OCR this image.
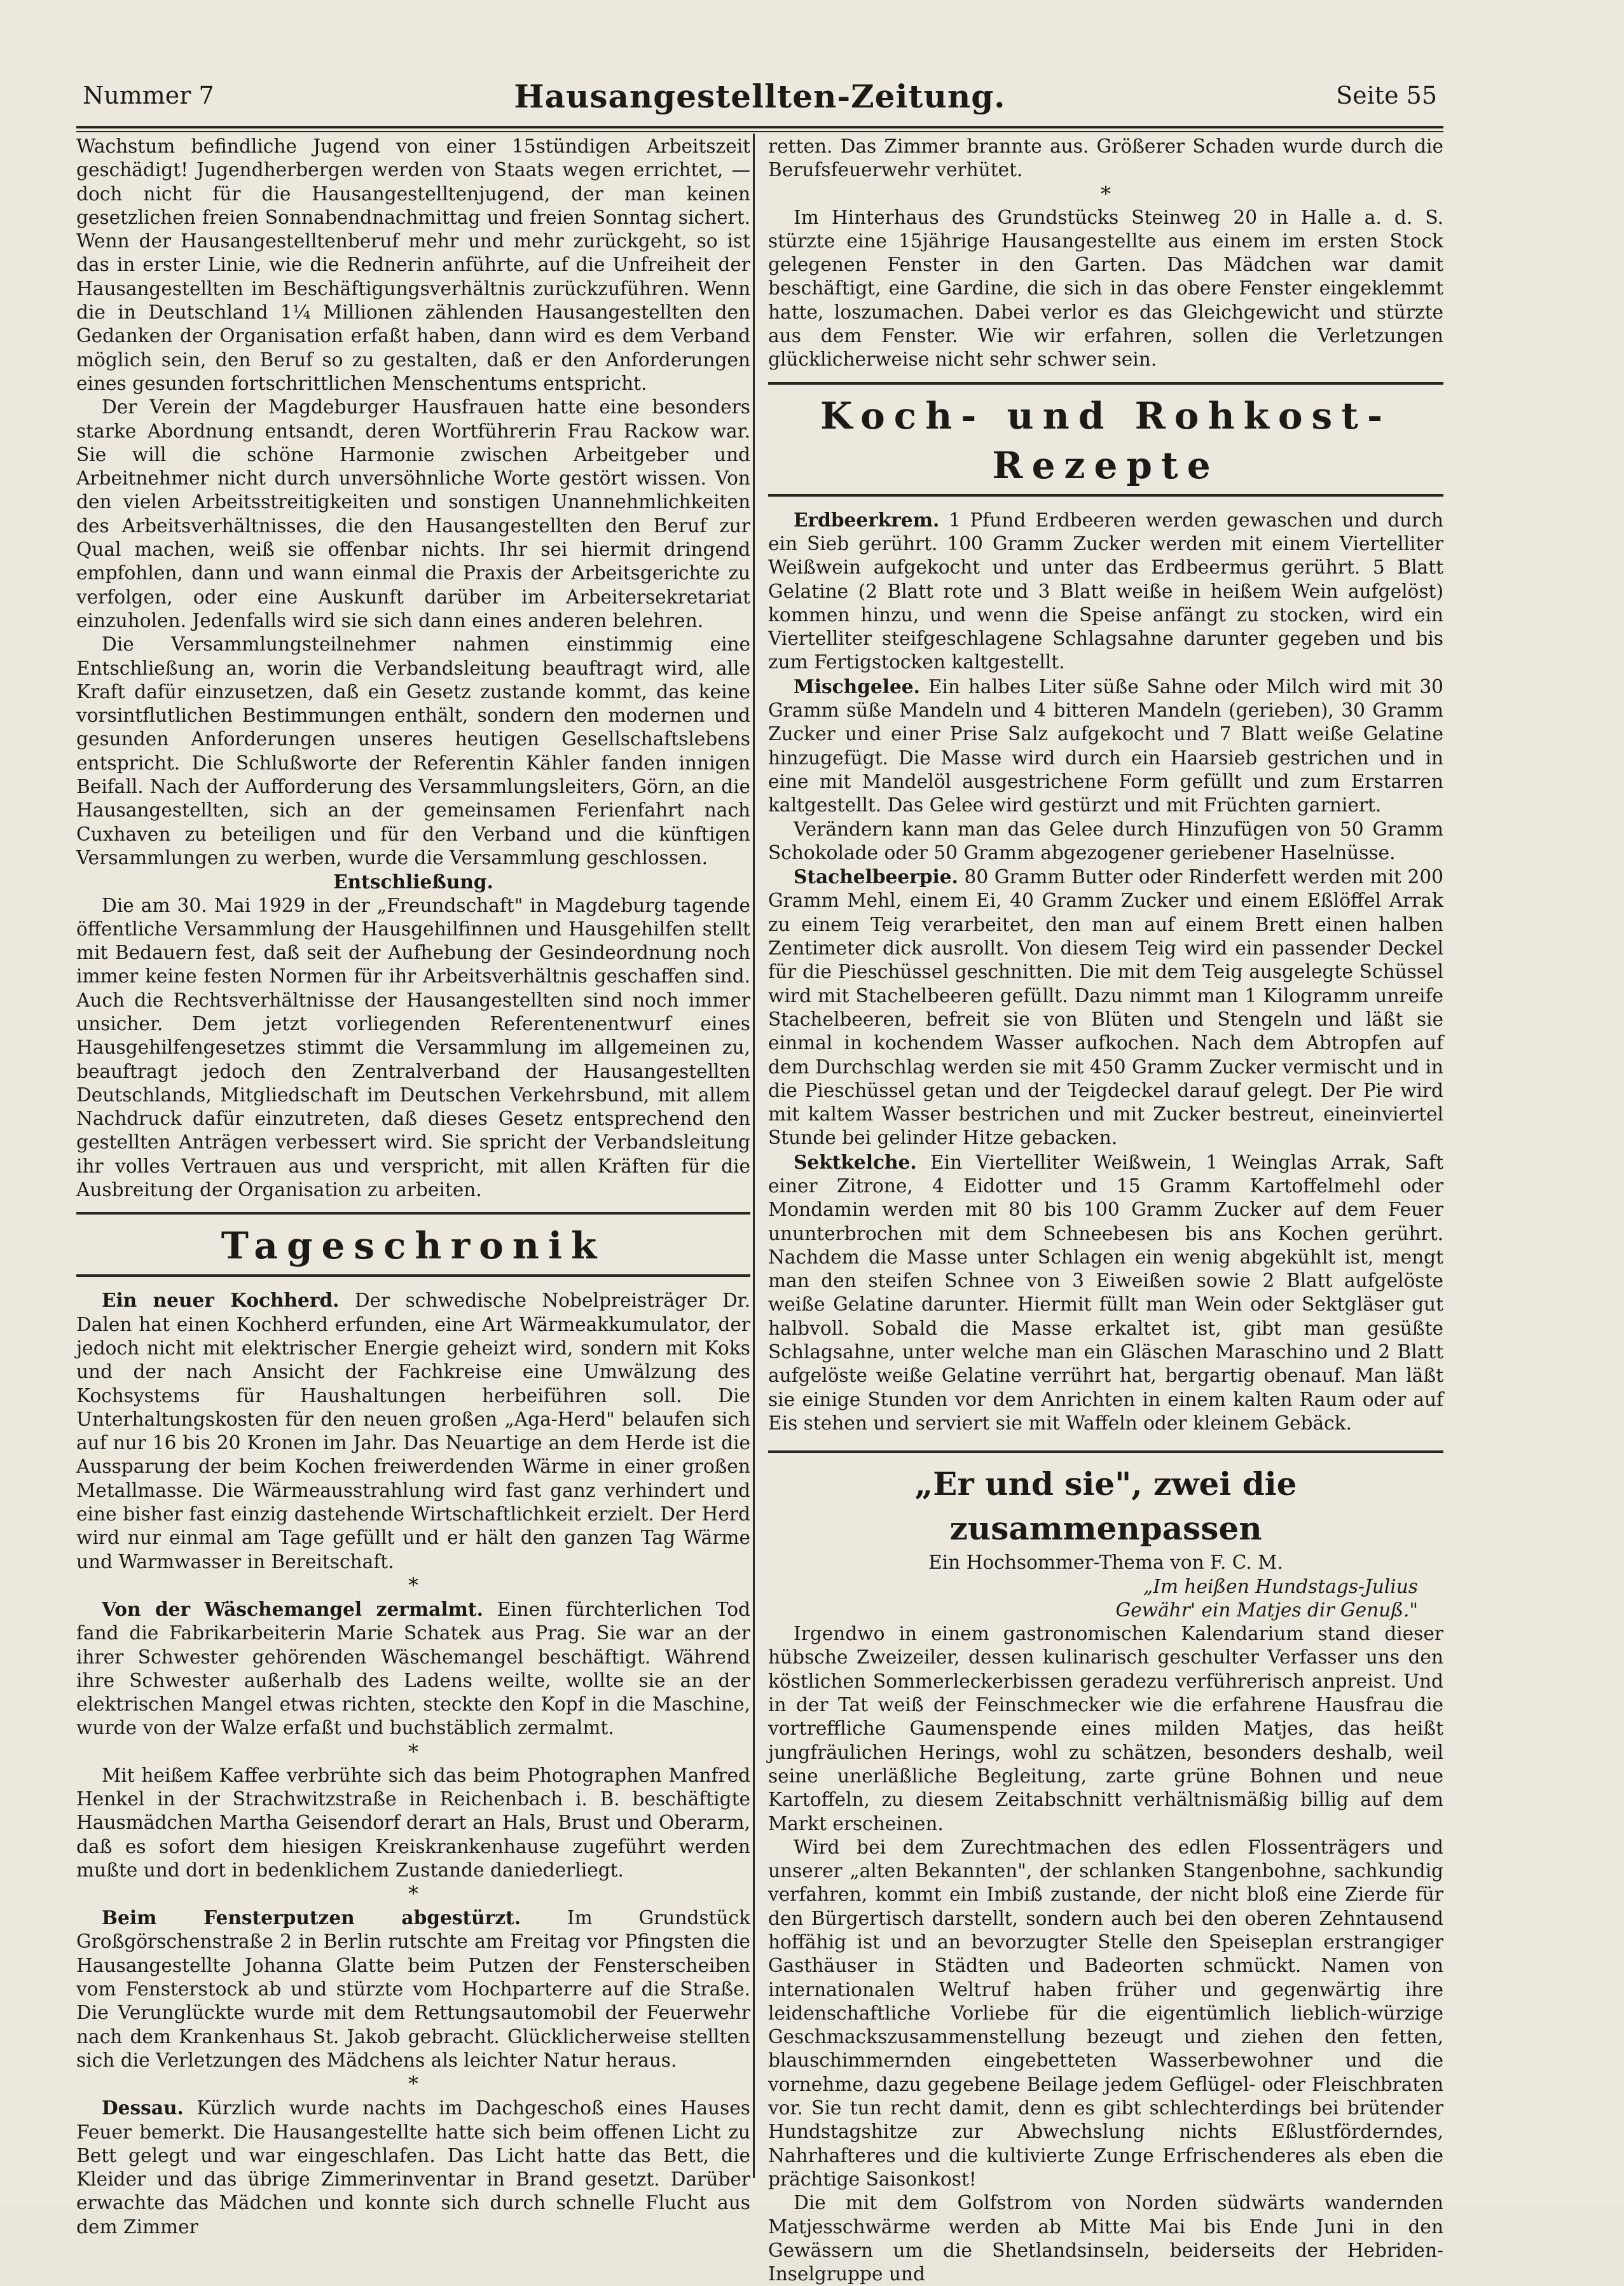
Nummer 7	Hausangestellten-Zeitung.	Seite 55

Wachstum befindliche Jugend von einer 15stündigen Arbeitszeit geschädigt! Jugendherbergen werden von Staats wegen errichtet, — doch nicht für die Hausangestelltenjugend, der man keinen gesetzlichen freien Sonnabendnachmittag und freien Sonntag sichert. Wenn der Hausangestelltenberuf mehr und mehr zurückgeht, so ist das in erster Linie, wie die Rednerin anführte, auf die Unfreiheit der Hausangestellten im Beschäftigungsverhältnis zurückzuführen. Wenn die in Deutschland 1¼ Millionen zählenden Hausangestellten den Gedanken der Organisation erfaßt haben, dann wird es dem Verband möglich sein, den Beruf so zu gestalten, daß er den Anforderungen eines gesunden fortschrittlichen Menschentums entspricht.

Der Verein der Magdeburger Hausfrauen hatte eine besonders starke Abordnung entsandt, deren Wortführerin Frau Rackow war. Sie will die schöne Harmonie zwischen Arbeitgeber und Arbeitnehmer nicht durch unversöhnliche Worte gestört wissen. Von den vielen Arbeitsstreitigkeiten und sonstigen Unannehmlichkeiten des Arbeitsverhältnisses, die den Hausangestellten den Beruf zur Qual machen, weiß sie offenbar nichts. Ihr sei hiermit dringend empfohlen, dann und wann einmal die Praxis der Arbeitsgerichte zu verfolgen, oder eine Auskunft darüber im Arbeitersekretariat einzuholen. Jedenfalls wird sie sich dann eines anderen belehren.

Die Versammlungsteilnehmer nahmen einstimmig eine Entschließung an, worin die Verbandsleitung beauftragt wird, alle Kraft dafür einzusetzen, daß ein Gesetz zustande kommt, das keine vorsintflutlichen Bestimmungen enthält, sondern den modernen und gesunden Anforderungen unseres heutigen Gesellschaftslebens entspricht. Die Schlußworte der Referentin Kähler fanden innigen Beifall. Nach der Aufforderung des Versammlungsleiters, Görn, an die Hausangestellten, sich an der gemeinsamen Ferienfahrt nach Cuxhaven zu beteiligen und für den Verband und die künftigen Versammlungen zu werben, wurde die Versammlung geschlossen.

Entschließung.

Die am 30. Mai 1929 in der „Freundschaft" in Magdeburg tagende öffentliche Versammlung der Hausgehilfinnen und Hausgehilfen stellt mit Bedauern fest, daß seit der Aufhebung der Gesindeordnung noch immer keine festen Normen für ihr Arbeitsverhältnis geschaffen sind. Auch die Rechtsverhältnisse der Hausangestellten sind noch immer unsicher. Dem jetzt vorliegenden Referentenentwurf eines Hausgehilfengesetzes stimmt die Versammlung im allgemeinen zu, beauftragt jedoch den Zentralverband der Hausangestellten Deutschlands, Mitgliedschaft im Deutschen Verkehrsbund, mit allem Nachdruck dafür einzutreten, daß dieses Gesetz entsprechend den gestellten Anträgen verbessert wird. Sie spricht der Verbandsleitung ihr volles Vertrauen aus und verspricht, mit allen Kräften für die Ausbreitung der Organisation zu arbeiten.

Tageschronik

Ein neuer Kochherd. Der schwedische Nobelpreisträger Dr. Dalen hat einen Kochherd erfunden, eine Art Wärmeakkumulator, der jedoch nicht mit elektrischer Energie geheizt wird, sondern mit Koks und der nach Ansicht der Fachkreise eine Umwälzung des Kochsystems für Haushaltungen herbeiführen soll. Die Unterhaltungskosten für den neuen großen „Aga-Herd" belaufen sich auf nur 16 bis 20 Kronen im Jahr. Das Neuartige an dem Herde ist die Aussparung der beim Kochen freiwerdenden Wärme in einer großen Metallmasse. Die Wärmeausstrahlung wird fast ganz verhindert und eine bisher fast einzig dastehende Wirtschaftlichkeit erzielt. Der Herd wird nur einmal am Tage gefüllt und er hält den ganzen Tag Wärme und Warmwasser in Bereitschaft.

*

Von der Wäschemangel zermalmt. Einen fürchterlichen Tod fand die Fabrikarbeiterin Marie Schatek aus Prag. Sie war an der ihrer Schwester gehörenden Wäschemangel beschäftigt. Während ihre Schwester außerhalb des Ladens weilte, wollte sie an der elektrischen Mangel etwas richten, steckte den Kopf in die Maschine, wurde von der Walze erfaßt und buchstäblich zermalmt.

*

Mit heißem Kaffee verbrühte sich das beim Photographen Manfred Henkel in der Strachwitzstraße in Reichenbach i. B. beschäftigte Hausmädchen Martha Geisendorf derart an Hals, Brust und Oberarm, daß es sofort dem hiesigen Kreiskrankenhause zugeführt werden mußte und dort in bedenklichem Zustande daniederliegt.

*

Beim Fensterputzen abgestürzt. Im Grundstück Großgörschenstraße 2 in Berlin rutschte am Freitag vor Pfingsten die Hausangestellte Johanna Glatte beim Putzen der Fensterscheiben vom Fensterstock ab und stürzte vom Hochparterre auf die Straße. Die Verunglückte wurde mit dem Rettungsautomobil der Feuerwehr nach dem Krankenhaus St. Jakob gebracht. Glücklicherweise stellten sich die Verletzungen des Mädchens als leichter Natur heraus.

*

Dessau. Kürzlich wurde nachts im Dachgeschoß eines Hauses Feuer bemerkt. Die Hausangestellte hatte sich beim offenen Licht zu Bett gelegt und war eingeschlafen. Das Licht hatte das Bett, die Kleider und das übrige Zimmerinventar in Brand gesetzt. Darüber erwachte das Mädchen und konnte sich durch schnelle Flucht aus dem Zimmer

retten. Das Zimmer brannte aus. Größerer Schaden wurde durch die Berufsfeuerwehr verhütet.

*

Im Hinterhaus des Grundstücks Steinweg 20 in Halle a. d. S. stürzte eine 15jährige Hausangestellte aus einem im ersten Stock gelegenen Fenster in den Garten. Das Mädchen war damit beschäftigt, eine Gardine, die sich in das obere Fenster eingeklemmt hatte, loszumachen. Dabei verlor es das Gleichgewicht und stürzte aus dem Fenster. Wie wir erfahren, sollen die Verletzungen glücklicherweise nicht sehr schwer sein.

Koch- und Rohkost-Rezepte

Erdbeerkrem. 1 Pfund Erdbeeren werden gewaschen und durch ein Sieb gerührt. 100 Gramm Zucker werden mit einem Viertelliter Weißwein aufgekocht und unter das Erdbeermus gerührt. 5 Blatt Gelatine (2 Blatt rote und 3 Blatt weiße in heißem Wein aufgelöst) kommen hinzu, und wenn die Speise anfängt zu stocken, wird ein Viertelliter steifgeschlagene Schlagsahne darunter gegeben und bis zum Fertigstocken kaltgestellt.

Mischgelee. Ein halbes Liter süße Sahne oder Milch wird mit 30 Gramm süße Mandeln und 4 bitteren Mandeln (gerieben), 30 Gramm Zucker und einer Prise Salz aufgekocht und 7 Blatt weiße Gelatine hinzugefügt. Die Masse wird durch ein Haarsieb gestrichen und in eine mit Mandelöl ausgestrichene Form gefüllt und zum Erstarren kaltgestellt. Das Gelee wird gestürzt und mit Früchten garniert.

Verändern kann man das Gelee durch Hinzufügen von 50 Gramm Schokolade oder 50 Gramm abgezogener geriebener Haselnüsse.

Stachelbeerpie. 80 Gramm Butter oder Rinderfett werden mit 200 Gramm Mehl, einem Ei, 40 Gramm Zucker und einem Eßlöffel Arrak zu einem Teig verarbeitet, den man auf einem Brett einen halben Zentimeter dick ausrollt. Von diesem Teig wird ein passender Deckel für die Pieschüssel geschnitten. Die mit dem Teig ausgelegte Schüssel wird mit Stachelbeeren gefüllt. Dazu nimmt man 1 Kilogramm unreife Stachelbeeren, befreit sie von Blüten und Stengeln und läßt sie einmal in kochendem Wasser aufkochen. Nach dem Abtropfen auf dem Durchschlag werden sie mit 450 Gramm Zucker vermischt und in die Pieschüssel getan und der Teigdeckel darauf gelegt. Der Pie wird mit kaltem Wasser bestrichen und mit Zucker bestreut, eineinviertel Stunde bei gelinder Hitze gebacken.

Sektkelche. Ein Viertelliter Weißwein, 1 Weinglas Arrak, Saft einer Zitrone, 4 Eidotter und 15 Gramm Kartoffelmehl oder Mondamin werden mit 80 bis 100 Gramm Zucker auf dem Feuer ununterbrochen mit dem Schneebesen bis ans Kochen gerührt. Nachdem die Masse unter Schlagen ein wenig abgekühlt ist, mengt man den steifen Schnee von 3 Eiweißen sowie 2 Blatt aufgelöste weiße Gelatine darunter. Hiermit füllt man Wein oder Sektgläser gut halbvoll. Sobald die Masse erkaltet ist, gibt man gesüßte Schlagsahne, unter welche man ein Gläschen Maraschino und 2 Blatt aufgelöste weiße Gelatine verrührt hat, bergartig obenauf. Man läßt sie einige Stunden vor dem Anrichten in einem kalten Raum oder auf Eis stehen und serviert sie mit Waffeln oder kleinem Gebäck.

„Er und sie", zwei die zusammenpassen

Ein Hochsommer-Thema von F. C. M.

„Im heißen Hundstags-Julius

Gewähr' ein Matjes dir Genuß."

Irgendwo in einem gastronomischen Kalendarium stand dieser hübsche Zweizeiler, dessen kulinarisch geschulter Verfasser uns den köstlichen Sommerleckerbissen geradezu verführerisch anpreist. Und in der Tat weiß der Feinschmecker wie die erfahrene Hausfrau die vortreffliche Gaumenspende eines milden Matjes, das heißt jungfräulichen Herings, wohl zu schätzen, besonders deshalb, weil seine unerläßliche Begleitung, zarte grüne Bohnen und neue Kartoffeln, zu diesem Zeitabschnitt verhältnismäßig billig auf dem Markt erscheinen.

Wird bei dem Zurechtmachen des edlen Flossenträgers und unserer „alten Bekannten", der schlanken Stangenbohne, sachkundig verfahren, kommt ein Imbiß zustande, der nicht bloß eine Zierde für den Bürgertisch darstellt, sondern auch bei den oberen Zehntausend hoffähig ist und an bevorzugter Stelle den Speiseplan erstrangiger Gasthäuser in Städten und Badeorten schmückt. Namen von internationalen Weltruf haben früher und gegenwärtig ihre leidenschaftliche Vorliebe für die eigentümlich lieblich-würzige Geschmackszusammenstellung bezeugt und ziehen den fetten, blauschimmernden eingebetteten Wasserbewohner und die vornehme, dazu gegebene Beilage jedem Geflügel- oder Fleischbraten vor. Sie tun recht damit, denn es gibt schlechterdings bei brütender Hundstagshitze zur Abwechslung nichts Eßlustförderndes, Nahrhafteres und die kultivierte Zunge Erfrischenderes als eben die prächtige Saisonkost!

Die mit dem Golfstrom von Norden südwärts wandernden Matjesschwärme werden ab Mitte Mai bis Ende Juni in den Gewässern um die Shetlandsinseln, beiderseits der Hebriden-Inselgruppe und
